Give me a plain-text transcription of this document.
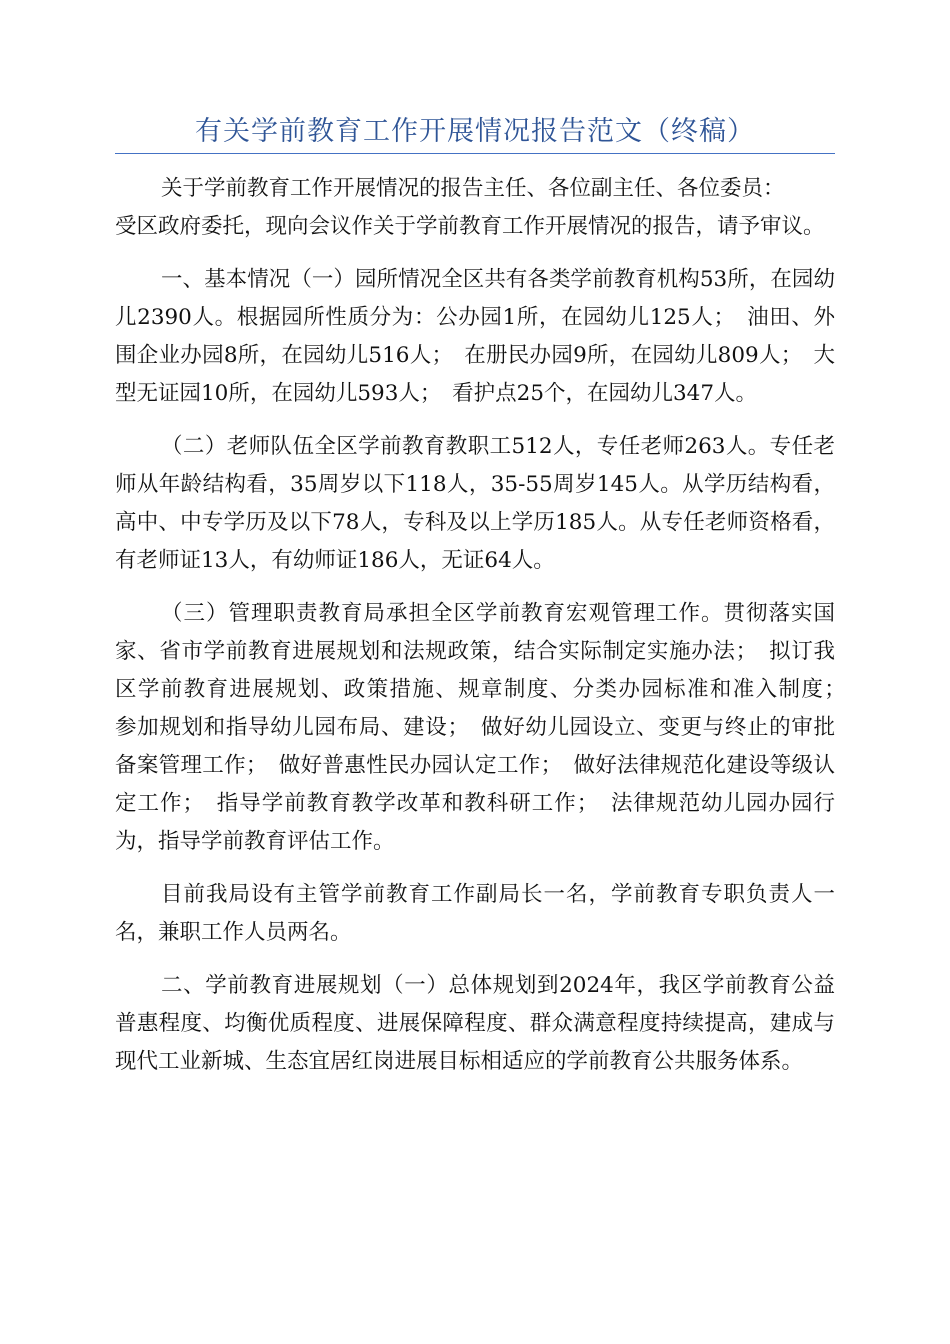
有关学前教育工作开展情况报告范文（终稿）

关于学前教育工作开展情况的报告主任、各位副主任、各位委员：

受区政府委托，现向会议作关于学前教育工作开展情况的报告，请予审议。

一、基本情况（一）园所情况全区共有各类学前教育机构53所，在园幼儿2390人。根据园所性质分为：公办园1所，在园幼儿125人；　油田、外围企业办园8所，在园幼儿516人；　在册民办园9所，在园幼儿809人；　大型无证园10所，在园幼儿593人；　看护点25个，在园幼儿347人。

（二）老师队伍全区学前教育教职工512人，专任老师263人。专任老师从年龄结构看，35周岁以下118人，35-55周岁145人。从学历结构看，高中、中专学历及以下78人，专科及以上学历185人。从专任老师资格看，有老师证13人，有幼师证186人，无证64人。

（三）管理职责教育局承担全区学前教育宏观管理工作。贯彻落实国家、省市学前教育进展规划和法规政策，结合实际制定实施办法；　拟订我区学前教育进展规划、政策措施、规章制度、分类办园标准和准入制度；　参加规划和指导幼儿园布局、建设；　做好幼儿园设立、变更与终止的审批备案管理工作；　做好普惠性民办园认定工作；　做好法律规范化建设等级认定工作；　指导学前教育教学改革和教科研工作；　法律规范幼儿园办园行为，指导学前教育评估工作。

目前我局设有主管学前教育工作副局长一名，学前教育专职负责人一名，兼职工作人员两名。

二、学前教育进展规划（一）总体规划到2024年，我区学前教育公益普惠程度、均衡优质程度、进展保障程度、群众满意程度持续提高，建成与现代工业新城、生态宜居红岗进展目标相适应的学前教育公共服务体系。
